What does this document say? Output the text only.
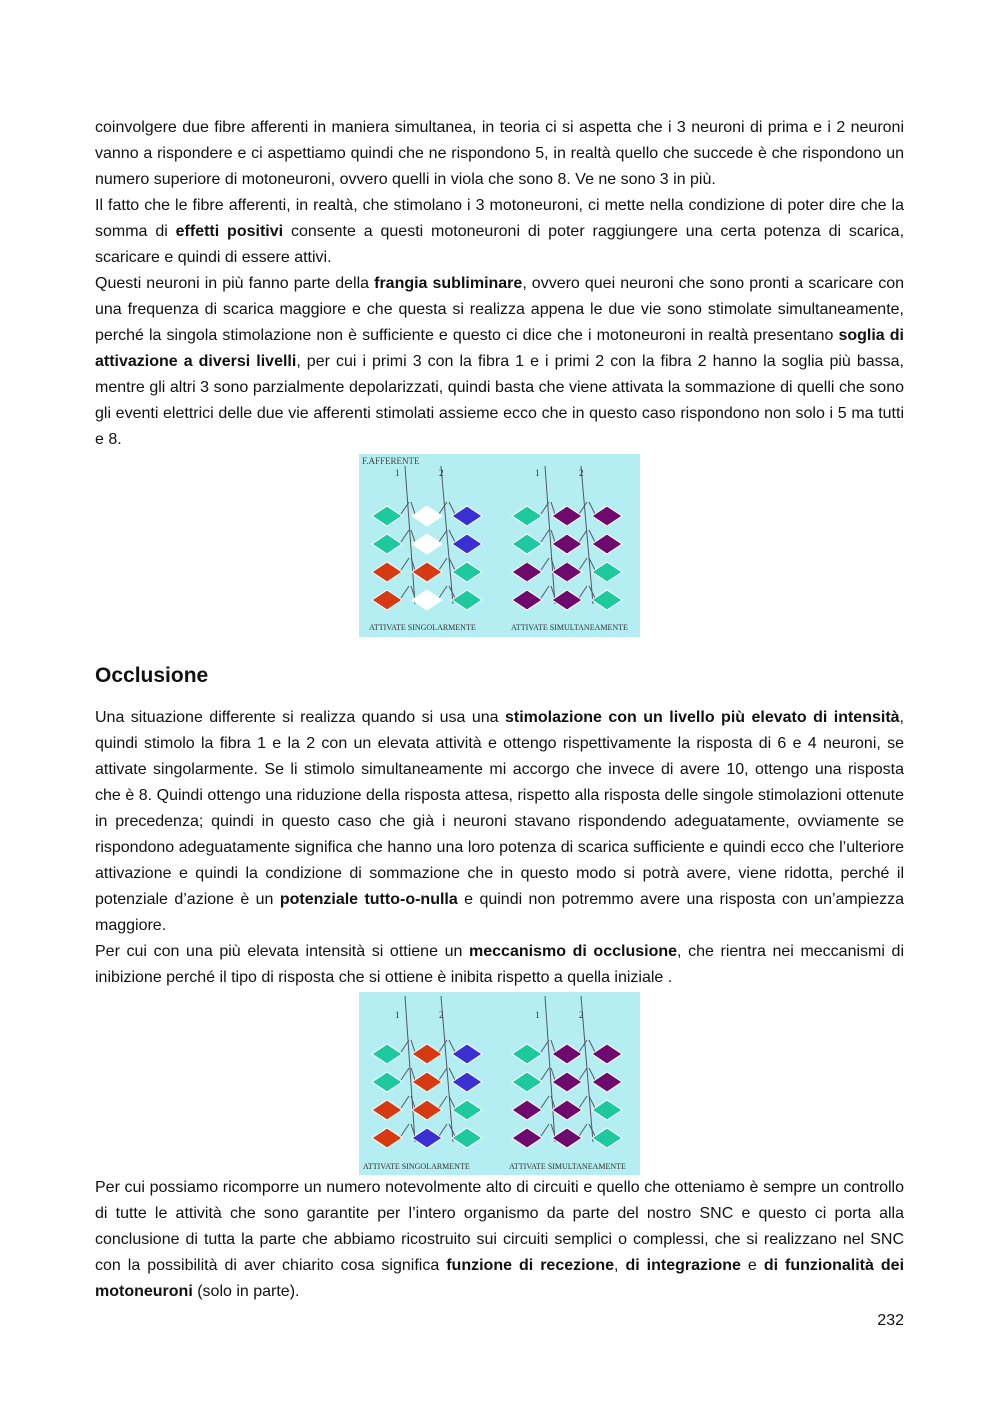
coinvolgere due fibre afferenti in maniera simultanea, in teoria ci si aspetta che i 3 neuroni di prima e i 2 neuroni vanno a rispondere e ci aspettiamo quindi che ne rispondono 5, in realtà quello che succede è che rispondono un numero superiore di motoneuroni, ovvero quelli in viola che sono 8. Ve ne sono 3 in più.

Il fatto che le fibre afferenti, in realtà, che stimolano i 3 motoneuroni, ci mette nella condizione di poter dire che la somma di effetti positivi consente a questi motoneuroni di poter raggiungere una certa potenza di scarica, scaricare e quindi di essere attivi.

Questi neuroni in più fanno parte della frangia subliminare, ovvero quei neuroni che sono pronti a scaricare con una frequenza di scarica maggiore e che questa si realizza appena le due vie sono stimolate simultaneamente, perché la singola stimolazione non è sufficiente e questo ci dice che i motoneuroni in realtà presentano soglia di attivazione a diversi livelli, per cui i primi 3 con la fibra 1 e i primi 2 con la fibra 2 hanno la soglia più bassa, mentre gli altri 3 sono parzialmente depolarizzati, quindi basta che viene attivata la sommazione di quelli che sono gli eventi elettrici delle due vie afferenti stimolati assieme ecco che in questo caso rispondono non solo i 5 ma tutti e 8.

F.AFFERENTE
1	2	1	2
ATTIVATE SINGOLARMENTE	ATTIVATE SIMULTANEAMENTE
Occlusione

Una situazione differente si realizza quando si usa una stimolazione con un livello più elevato di intensità, quindi stimolo la fibra 1 e la 2 con un elevata attività e ottengo rispettivamente la risposta di 6 e 4 neuroni, se attivate singolarmente. Se li stimolo simultaneamente mi accorgo che invece di avere 10, ottengo una risposta che è 8. Quindi ottengo una riduzione della risposta attesa, rispetto alla risposta delle singole stimolazioni ottenute in precedenza; quindi in questo caso che già i neuroni stavano rispondendo adeguatamente, ovviamente se rispondono adeguatamente significa che hanno una loro potenza di scarica sufficiente e quindi ecco che l’ulteriore attivazione e quindi la condizione di sommazione che in questo modo si potrà avere, viene ridotta, perché il potenziale d’azione è un potenziale tutto-o-nulla e quindi non potremmo avere una risposta con un’ampiezza maggiore.

Per cui con una più elevata intensità si ottiene un meccanismo di occlusione, che rientra nei meccanismi di inibizione perché il tipo di risposta che si ottiene è inibita rispetto a quella iniziale .

1	2	1	2
ATTIVATE SINGOLARMENTE	ATTIVATE SIMULTANEAMENTE

Per cui possiamo ricomporre un numero notevolmente alto di circuiti e quello che otteniamo è sempre un controllo di tutte le attività che sono garantite per l’intero organismo da parte del nostro SNC e questo ci porta alla conclusione di tutta la parte che abbiamo ricostruito sui circuiti semplici o complessi, che si realizzano nel SNC con la possibilità di aver chiarito cosa significa funzione di recezione, di integrazione e di funzionalità dei motoneuroni (solo in parte).

232
